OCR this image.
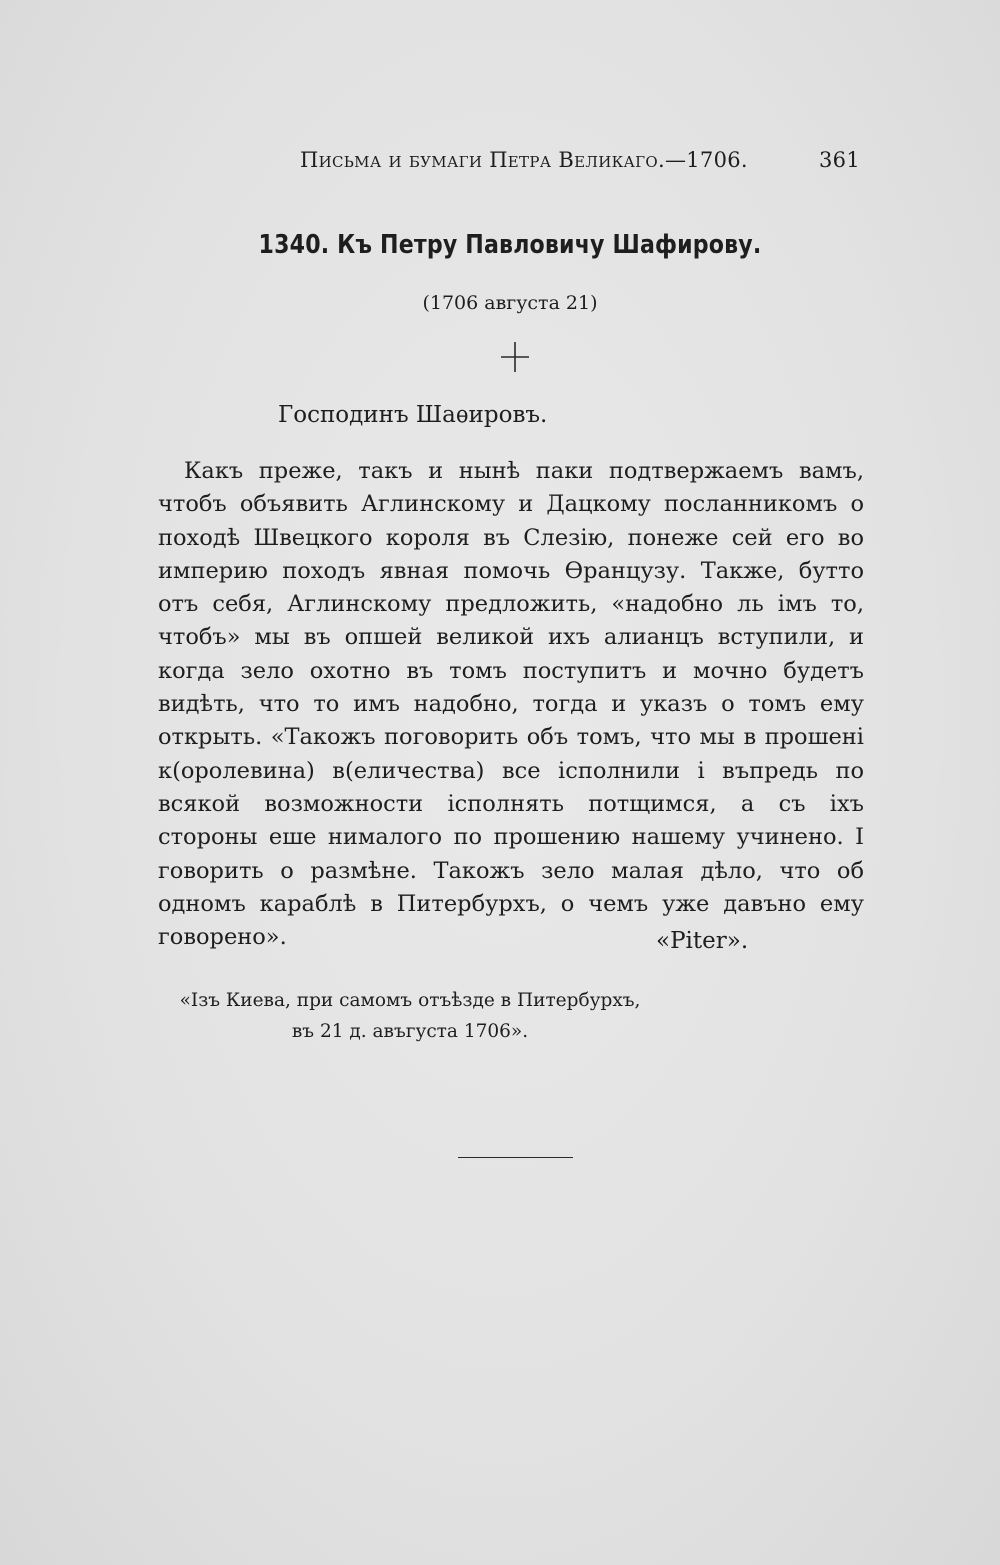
Письма и бумаги Петра Великаго.—1706.	361
1340. Къ Петру Павловичу Шафирову.
(1706 августа 21)
Господинъ Шаѳировъ.

Какъ преже, такъ и нынѣ паки подтвержаемъ вамъ, чтобъ объявить Аглинскому и Дацкому посланникомъ о походѣ Швецкого короля въ Слезію, понеже сей его во империю походъ явная помочь Ѳранцузу. Также, бутто отъ себя, Аглинскому предложить, «надобно ль імъ то, чтобъ» мы въ опшей великой ихъ алианцъ вступили, и когда зело охотно въ томъ поступитъ и мочно будетъ видѣть, что то имъ надобно, тогда и указъ о томъ ему открыть. «Такожъ поговорить объ томъ, что мы в прошені к(оролевина) в(еличества) все ісполнили і въпредь по всякой возможности ісполнять потщимся, а съ іхъ стороны еше нималого по прошению нашему учинено. I говорить о размѣне. Такожъ зело малая дѣло, что об одномъ караблѣ в Питербурхъ, о чемъ уже давъно ему говорено».	«Piter».
«Ізъ Киева, при самомъ отъѣзде в Питербурхъ,
въ 21 д. авъгуста 1706».
